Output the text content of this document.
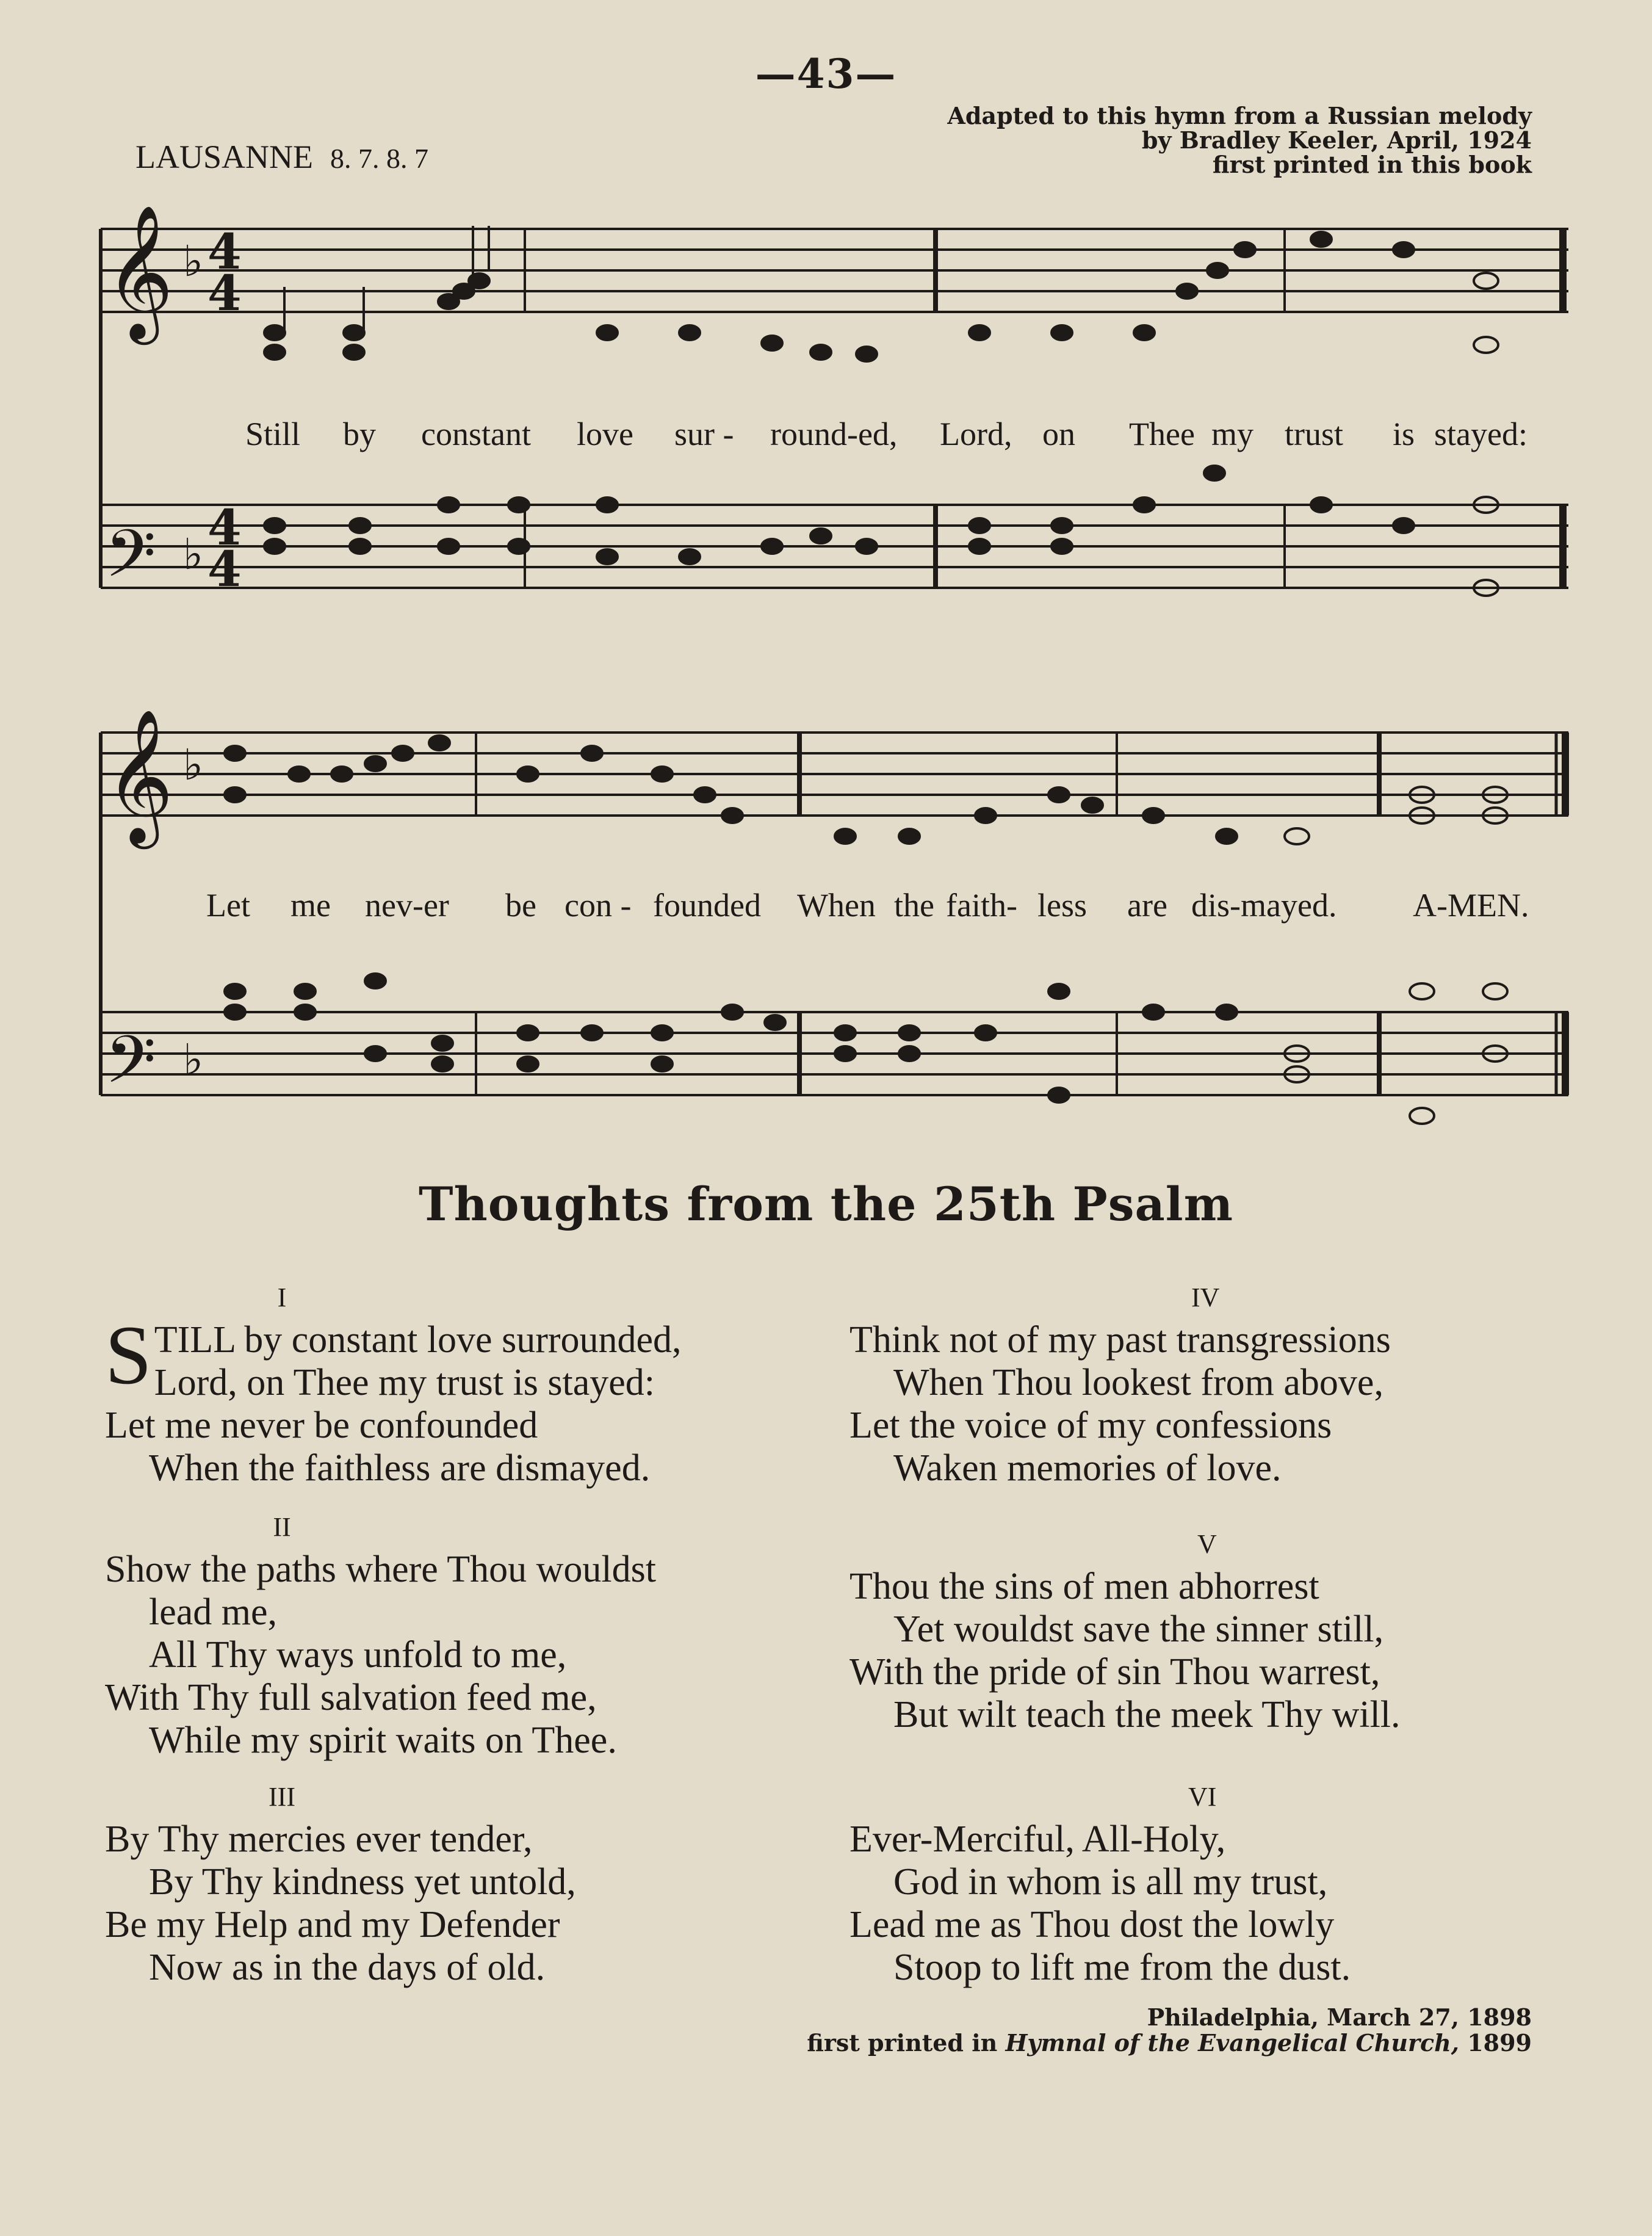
—43—
LAUSANNE 8. 7. 8. 7
Adapted to this hymn from a Russian melody
by Bradley Keeler, April, 1924
first printed in this book
𝄞
𝄢
𝄞
𝄢
♭
♭
♭
♭
4
4
4
4
Still by constant love sur - round-ed, Lord, on Thee my trust is stayed:
Let me nev-er be con - founded When the faith- less are dis-mayed. A-MEN.
Thoughts from the 25th Psalm
I
S TILL by constant love surrounded,
Lord, on Thee my trust is stayed:
Let me never be confounded
When the faithless are dismayed.
II
Show the paths where Thou wouldst
lead me,
All Thy ways unfold to me,
With Thy full salvation feed me,
While my spirit waits on Thee.
III
By Thy mercies ever tender,
By Thy kindness yet untold,
Be my Help and my Defender
Now as in the days of old.
IV
Think not of my past transgressions
When Thou lookest from above,
Let the voice of my confessions
Waken memories of love.
V
Thou the sins of men abhorrest
Yet wouldst save the sinner still,
With the pride of sin Thou warrest,
But wilt teach the meek Thy will.
VI
Ever-Merciful, All-Holy,
God in whom is all my trust,
Lead me as Thou dost the lowly
Stoop to lift me from the dust.
Philadelphia, March 27, 1898
first printed in Hymnal of the Evangelical Church, 1899
